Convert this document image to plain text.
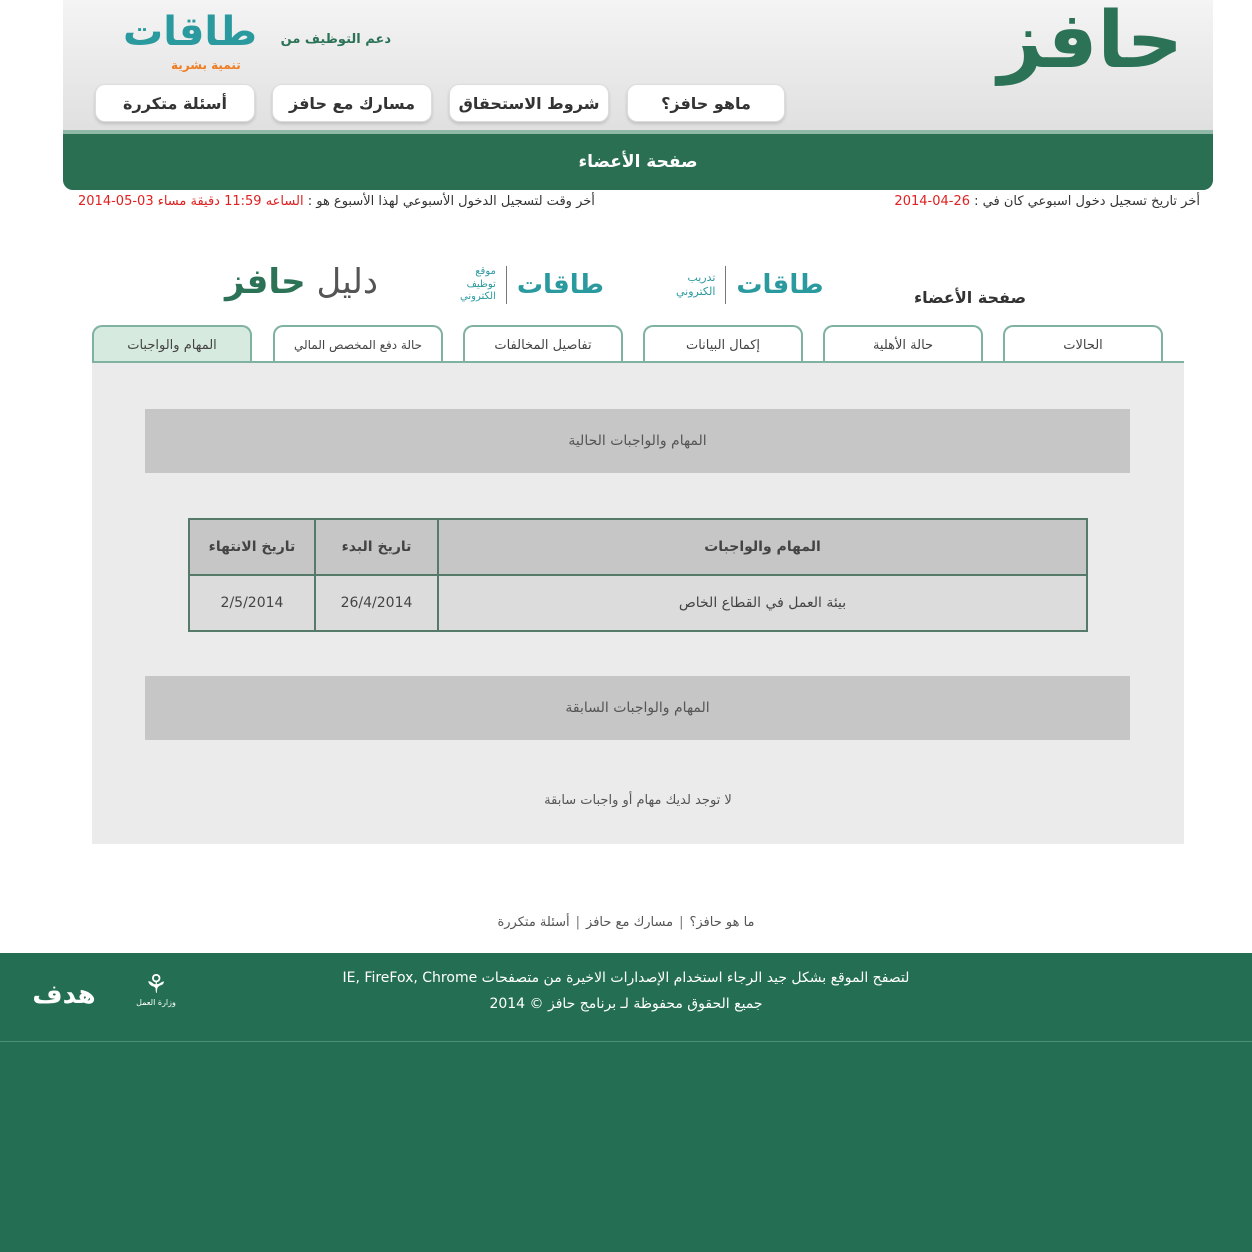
حافز
دعم التوظيف من
طاقات
تنمية بشرية
ماهو حافز؟
شروط الاستحقاق
مسارك مع حافز
أسئلة متكررة
صفحة الأعضاء
أخر تاريخ تسجيل دخول اسبوعي كان في : 26-04-2014
أخر وقت لتسجيل الدخول الأسبوعي لهذا الأسبوع هو : الساعه 11:59 دقيقة مساء 03-05-2014
صفحة الأعضاء
طاقات
تدريب
الكتروني
طاقات
موقع
توظيف
الكتروني
دليل حافز
الحالات
حالة الأهلية
إكمال البيانات
تفاصيل المخالفات
حالة دفع المخصص المالي
المهام والواجبات
المهام والواجبات الحالية
المهام والواجبات	تاريخ البدء	تاريخ الانتهاء
بيئة العمل في القطاع الخاص	26/4/2014	2/5/2014
المهام والواجبات السابقة
لا توجد لديك مهام أو واجبات سابقة
ما هو حافز؟|مسارك مع حافز|أسئلة متكررة
لتصفح الموقع بشكل جيد الرجاء استخدام الإصدارات الاخيرة من متصفحات IE, FireFox, Chrome
جميع الحقوق محفوظة لـ برنامج حافز © 2014
⚘
وزارة العمل
هدف
